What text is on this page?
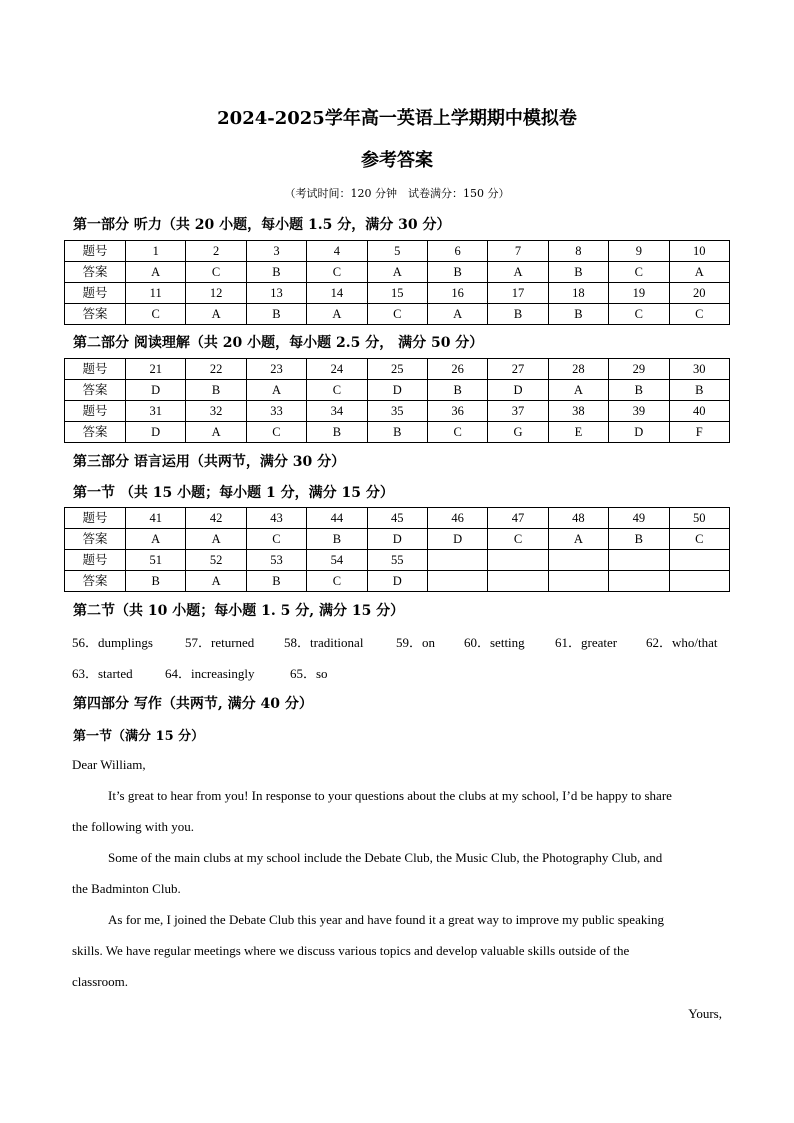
2024-2025学年高一英语上学期期中模拟卷
参考答案
（考试时间：120 分钟　试卷满分：150 分）
第一部分 听力（共 20 小题，每小题 1.5 分，满分 30 分）
题号	1	2	3	4	5	6	7	8	9	10
答案	A	C	B	C	A	B	A	B	C	A
题号	11	12	13	14	15	16	17	18	19	20
答案	C	A	B	A	C	A	B	B	C	C
第二部分 阅读理解（共 20 小题，每小题 2.5 分， 满分 50 分）
题号	21	22	23	24	25	26	27	28	29	30
答案	D	B	A	C	D	B	D	A	B	B
题号	31	32	33	34	35	36	37	38	39	40
答案	D	A	C	B	B	C	G	E	D	F
第三部分 语言运用（共两节，满分 30 分）
第一节 （共 15 小题；每小题 1 分，满分 15 分）
题号	41	42	43	44	45	46	47	48	49	50
答案	A	A	C	B	D	D	C	A	B	C
题号	51	52	53	54	55					
答案	B	A	B	C	D					
第二节（共 10 小题；每小题 1. 5 分, 满分 15 分）
56．dumplings 57．returned 58．traditional	59．on 60．setting 61．greater 62．who/that
63．started 64．increasingly	65．so
第四部分 写作（共两节, 满分 40 分）
第一节（满分 15 分）
Dear William,
It’s great to hear from you! In response to your questions about the clubs at my school, I’d be happy to share
the following with you.
Some of the main clubs at my school include the Debate Club, the Music Club, the Photography Club, and
the Badminton Club.
As for me, I joined the Debate Club this year and have found it a great way to improve my public speaking
skills. We have regular meetings where we discuss various topics and develop valuable skills outside of the
classroom.
Yours,
